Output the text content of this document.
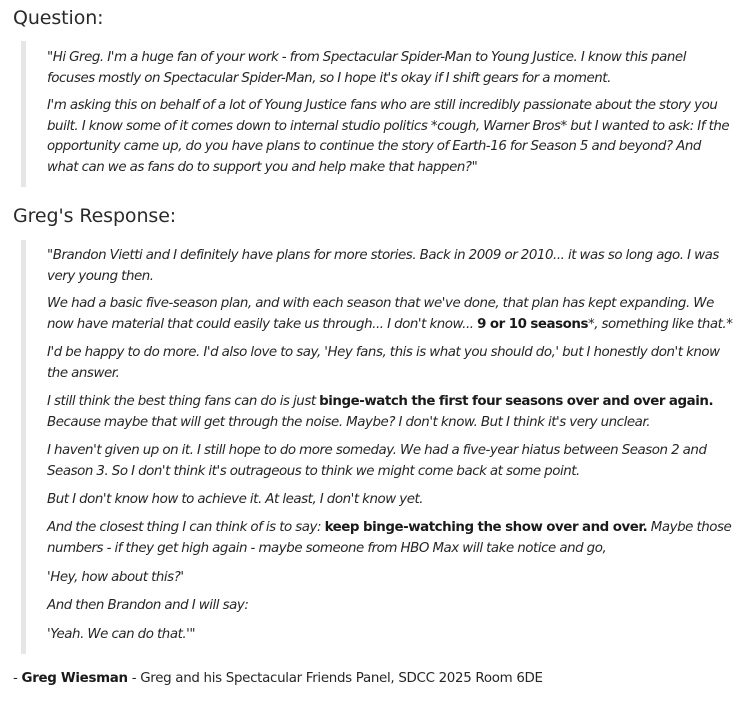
Question:

"Hi Greg. I'm a huge fan of your work - from Spectacular Spider-Man to Young Justice. I know this panel focuses mostly on Spectacular Spider-Man, so I hope it's okay if I shift gears for a moment.

I'm asking this on behalf of a lot of Young Justice fans who are still incredibly passionate about the story you built. I know some of it comes down to internal studio politics *cough, Warner Bros* but I wanted to ask: If the opportunity came up, do you have plans to continue the story of Earth-16 for Season 5 and beyond? And what can we as fans do to support you and help make that happen?"

Greg's Response:

"Brandon Vietti and I definitely have plans for more stories. Back in 2009 or 2010... it was so long ago. I was very young then.

We had a basic five-season plan, and with each season that we've done, that plan has kept expanding. We now have material that could easily take us through... I don't know... 9 or 10 seasons*, something like that.*

I'd be happy to do more. I'd also love to say, 'Hey fans, this is what you should do,' but I honestly don't know the answer.

I still think the best thing fans can do is just binge-watch the first four seasons over and over again. Because maybe that will get through the noise. Maybe? I don't know. But I think it's very unclear.

I haven't given up on it. I still hope to do more someday. We had a five-year hiatus between Season 2 and Season 3. So I don't think it's outrageous to think we might come back at some point.

But I don't know how to achieve it. At least, I don't know yet.

And the closest thing I can think of is to say: keep binge-watching the show over and over. Maybe those numbers - if they get high again - maybe someone from HBO Max will take notice and go,

'Hey, how about this?'

And then Brandon and I will say:

'Yeah. We can do that.'"

- Greg Wiesman - Greg and his Spectacular Friends Panel, SDCC 2025 Room 6DE
